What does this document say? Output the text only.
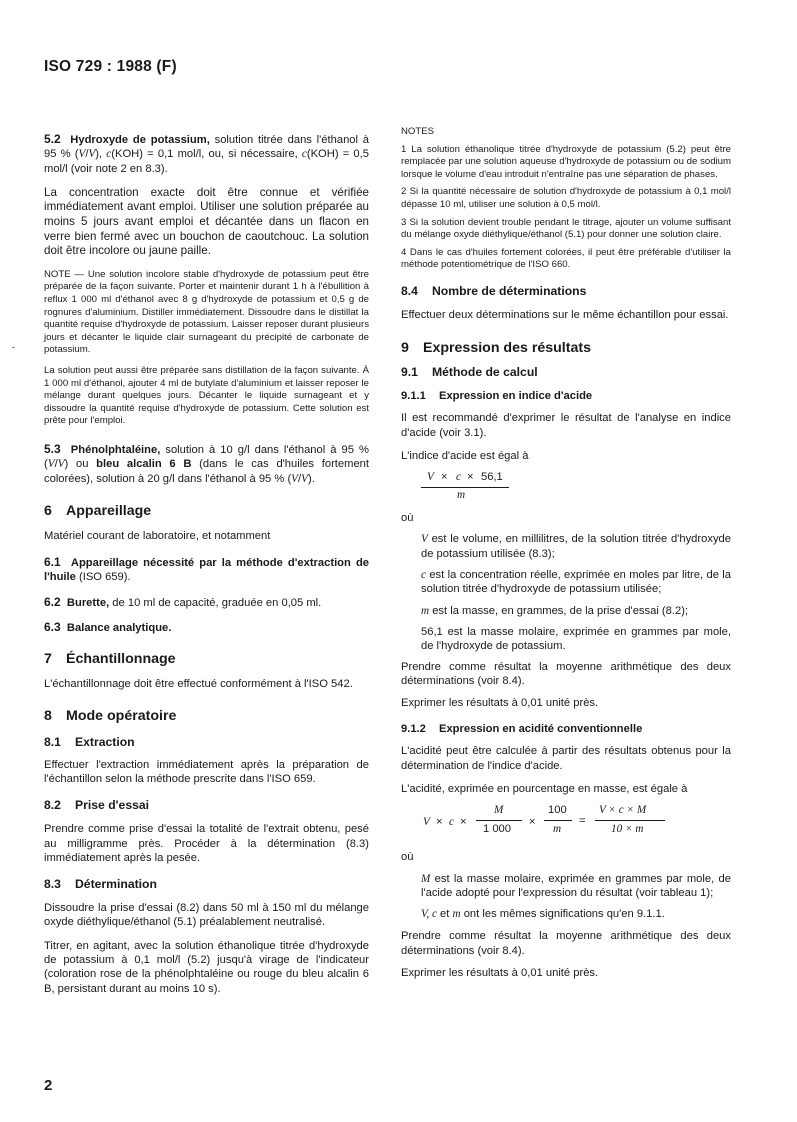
ISO 729 : 1988 (F)

5.2 Hydroxyde de potassium, solution titrée dans l'éthanol à 95 % (V/V), c(KOH) = 0,1 mol/l, ou, si nécessaire, c(KOH) = 0,5 mol/l (voir note 2 en 8.3).

La concentration exacte doit être connue et vérifiée immédiatement avant emploi. Utiliser une solution préparée au moins 5 jours avant emploi et décantée dans un flacon en verre bien fermé avec un bouchon de caoutchouc. La solution doit être incolore ou jaune paille.

NOTE — Une solution incolore stable d'hydroxyde de potassium peut être préparée de la façon suivante. Porter et maintenir durant 1 h à l'ébullition à reflux 1 000 ml d'éthanol avec 8 g d'hydroxyde de potassium et 0,5 g de rognures d'aluminium. Distiller immédiatement. Dissoudre dans le distillat la quantité requise d'hydroxyde de potassium. Laisser reposer durant plusieurs jours et décanter le liquide clair surnageant du précipité de carbonate de potassium.

La solution peut aussi être préparée sans distillation de la façon suivante. À 1 000 ml d'éthanol, ajouter 4 ml de butylate d'aluminium et laisser reposer le mélange durant quelques jours. Décanter le liquide surnageant et y dissoudre la quantité requise d'hydroxyde de potassium. Cette solution est prête pour l'emploi.

5.3 Phénolphtaléine, solution à 10 g/l dans l'éthanol à 95 % (V/V) ou bleu alcalin 6 B (dans le cas d'huiles fortement colorées), solution à 20 g/l dans l'éthanol à 95 % (V/V).

6 Appareillage

Matériel courant de laboratoire, et notamment

6.1 Appareillage nécessité par la méthode d'extraction de l'huile (ISO 659).

6.2 Burette, de 10 ml de capacité, graduée en 0,05 ml.

6.3 Balance analytique.

7 Échantillonnage

L'échantillonnage doit être effectué conformément à l'ISO 542.

8 Mode opératoire
8.1 Extraction

Effectuer l'extraction immédiatement après la préparation de l'échantillon selon la méthode prescrite dans l'ISO 659.

8.2 Prise d'essai

Prendre comme prise d'essai la totalité de l'extrait obtenu, pesé au milligramme près. Procéder à la détermination (8.3) immédiatement après la pesée.

8.3 Détermination

Dissoudre la prise d'essai (8.2) dans 50 ml à 150 ml du mélange oxyde diéthylique/éthanol (5.1) préalablement neutralisé.

Titrer, en agitant, avec la solution éthanolique titrée d'hydroxyde de potassium à 0,1 mol/l (5.2) jusqu'à virage de l'indicateur (coloration rose de la phénolphtaléine ou rouge du bleu alcalin 6 B, persistant durant au moins 10 s).

NOTES

1 La solution éthanolique titrée d'hydroxyde de potassium (5.2) peut être remplacée par une solution aqueuse d'hydroxyde de potassium ou de sodium lorsque le volume d'eau introduit n'entraîne pas une séparation de phases.

2 Si la quantité nécessaire de solution d'hydroxyde de potassium à 0,1 mol/l dépasse 10 ml, utiliser une solution à 0,5 mol/l.

3 Si la solution devient trouble pendant le titrage, ajouter un volume suffisant du mélange oxyde diéthylique/éthanol (5.1) pour donner une solution claire.

4 Dans le cas d'huiles fortement colorées, il peut être préférable d'utiliser la méthode potentiométrique de l'ISO 660.

8.4 Nombre de déterminations

Effectuer deux déterminations sur le même échantillon pour essai.

9 Expression des résultats
9.1 Méthode de calcul
9.1.1 Expression en indice d'acide

Il est recommandé d'exprimer le résultat de l'analyse en indice d'acide (voir 3.1).

L'indice d'acide est égal à

V × c × 56,1
m

où

V est le volume, en millilitres, de la solution titrée d'hydroxyde de potassium utilisée (8.3);

c est la concentration réelle, exprimée en moles par litre, de la solution titrée d'hydroxyde de potassium utilisée;

m est la masse, en grammes, de la prise d'essai (8.2);

56,1 est la masse molaire, exprimée en grammes par mole, de l'hydroxyde de potassium.

Prendre comme résultat la moyenne arithmétique des deux déterminations (voir 8.4).

Exprimer les résultats à 0,01 unité près.

9.1.2 Expression en acidité conventionnelle

L'acidité peut être calculée à partir des résultats obtenus pour la détermination de l'indice d'acide.

L'acidité, exprimée en pourcentage en masse, est égale à

V × c ×
M
1 000
×
100
m
=
V × c × M
10 × m

où

M est la masse molaire, exprimée en grammes par mole, de l'acide adopté pour l'expression du résultat (voir tableau 1);

V, c et m ont les mêmes significations qu'en 9.1.1.

Prendre comme résultat la moyenne arithmétique des deux déterminations (voir 8.4).

Exprimer les résultats à 0,01 unité près.

2
